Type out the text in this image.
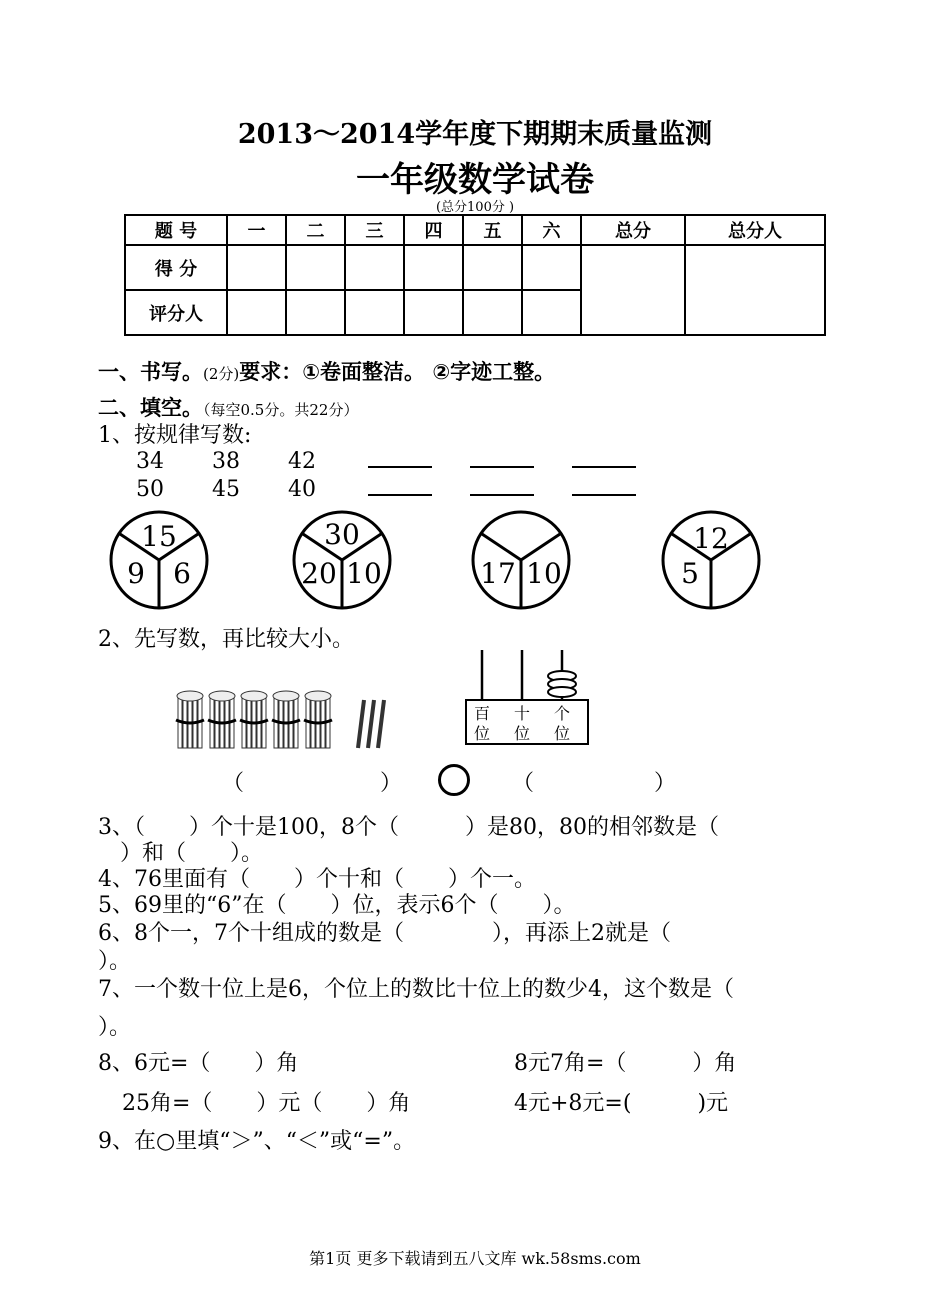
2013～2014学年度下期期末质量监测
一年级数学试卷
(总分100分 )
题 号	一	二	三	四	五	六	总分	总分人
得 分								
评分人								
一、书写。(2分)要求：①卷面整洁。 ②字迹工整。
二、填空。（每空0.5分。共22分）
1、按规律写数:
34 38 42
50 45 40
15
9 6
30
20 10	17 10
12
5
2、先写数，再比较大小。
百 十 个
位 位 位
（	）	（	）
3、（　　）个十是100，8个（　　　）是80，80的相邻数是（
　）和（　　）。
4、76里面有（　　）个十和（　　）个一。
5、69里的“6”在（　　）位，表示6个（　　）。
6、8个一，7个十组成的数是（　　　　），再添上2就是（
）。
7、一个数十位上是6，个位上的数比十位上的数少4，这个数是（
）。
8、6元=（　　）角	8元7角=（　　　）角
25角=（　　）元（　　）角	4元+8元=(　　　)元
9、在○里填“＞”、“＜”或“=”。
第1页 更多下载请到五八文库 wk.58sms.com
